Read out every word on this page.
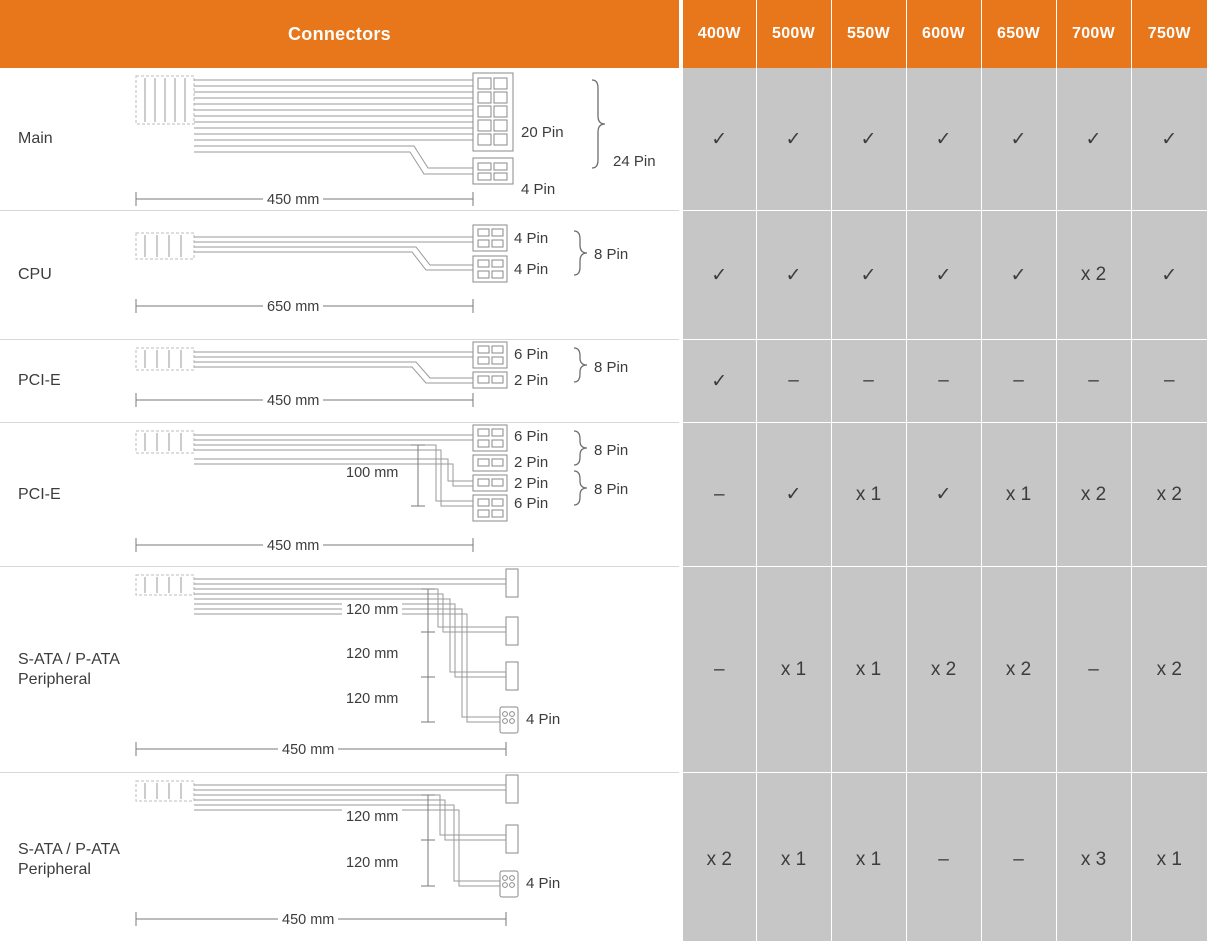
Connectors	400W	500W	550W	600W	650W	700W	750W

Main 20 Pin
4 Pin
24 Pin
450 mm	✓	✓	✓	✓	✓	✓	✓

CPU
4 Pin
4 Pin
8 Pin
650 mm	✓	✓	✓	✓	✓	x 2	✓

PCI-E
6 Pin
2 Pin
8 Pin
450 mm	✓	–	–	–	–	–	–

PCI-E
6 Pin
2 Pin
2 Pin
6 Pin
8 Pin
8 Pin
100 mm
450 mm
	–	✓	x 1	✓	x 1	x 2	x 2

S-ATA / P-ATA
Peripheral
120 mm
120 mm
120 mm
4 Pin
450 mm
	–	x 1	x 1	x 2	x 2	–	x 2

S-ATA / P-ATA
Peripheral
120 mm
120 mm
4 Pin
450 mm
	x 2	x 1	x 1	–	–	x 3	x 1
